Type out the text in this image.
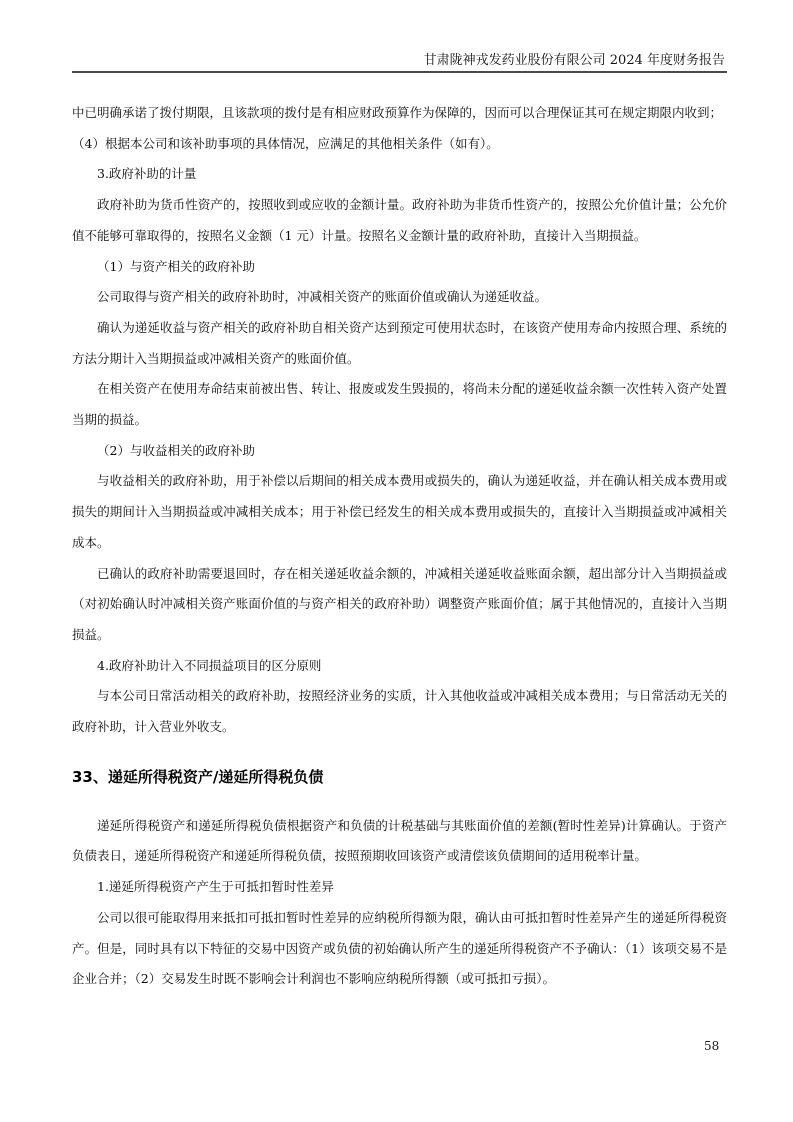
甘肃陇神戎发药业股份有限公司 2024 年度财务报告

中已明确承诺了拨付期限，且该款项的拨付是有相应财政预算作为保障的，因而可以合理保证其可在规定期限内收到；

（4）根据本公司和该补助事项的具体情况，应满足的其他相关条件（如有）。

3.政府补助的计量

政府补助为货币性资产的，按照收到或应收的金额计量。政府补助为非货币性资产的，按照公允价值计量；公允价值不能够可靠取得的，按照名义金额（1 元）计量。按照名义金额计量的政府补助，直接计入当期损益。

（1）与资产相关的政府补助

公司取得与资产相关的政府补助时，冲减相关资产的账面价值或确认为递延收益。

确认为递延收益与资产相关的政府补助自相关资产达到预定可使用状态时，在该资产使用寿命内按照合理、系统的方法分期计入当期损益或冲减相关资产的账面价值。

在相关资产在使用寿命结束前被出售、转让、报废或发生毁损的，将尚未分配的递延收益余额一次性转入资产处置当期的损益。

（2）与收益相关的政府补助

与收益相关的政府补助，用于补偿以后期间的相关成本费用或损失的，确认为递延收益，并在确认相关成本费用或损失的期间计入当期损益或冲减相关成本；用于补偿已经发生的相关成本费用或损失的，直接计入当期损益或冲减相关成本。

已确认的政府补助需要退回时，存在相关递延收益余额的，冲减相关递延收益账面余额，超出部分计入当期损益或（对初始确认时冲减相关资产账面价值的与资产相关的政府补助）调整资产账面价值；属于其他情况的，直接计入当期损益。

4.政府补助计入不同损益项目的区分原则

与本公司日常活动相关的政府补助，按照经济业务的实质，计入其他收益或冲减相关成本费用；与日常活动无关的政府补助，计入营业外收支。

33、递延所得税资产/递延所得税负债

递延所得税资产和递延所得税负债根据资产和负债的计税基础与其账面价值的差额(暂时性差异)计算确认。于资产负债表日，递延所得税资产和递延所得税负债，按照预期收回该资产或清偿该负债期间的适用税率计量。

1.递延所得税资产产生于可抵扣暂时性差异

公司以很可能取得用来抵扣可抵扣暂时性差异的应纳税所得额为限，确认由可抵扣暂时性差异产生的递延所得税资产。但是，同时具有以下特征的交易中因资产或负债的初始确认所产生的递延所得税资产不予确认：（1）该项交易不是企业合并；（2）交易发生时既不影响会计利润也不影响应纳税所得额（或可抵扣亏损）。

58
